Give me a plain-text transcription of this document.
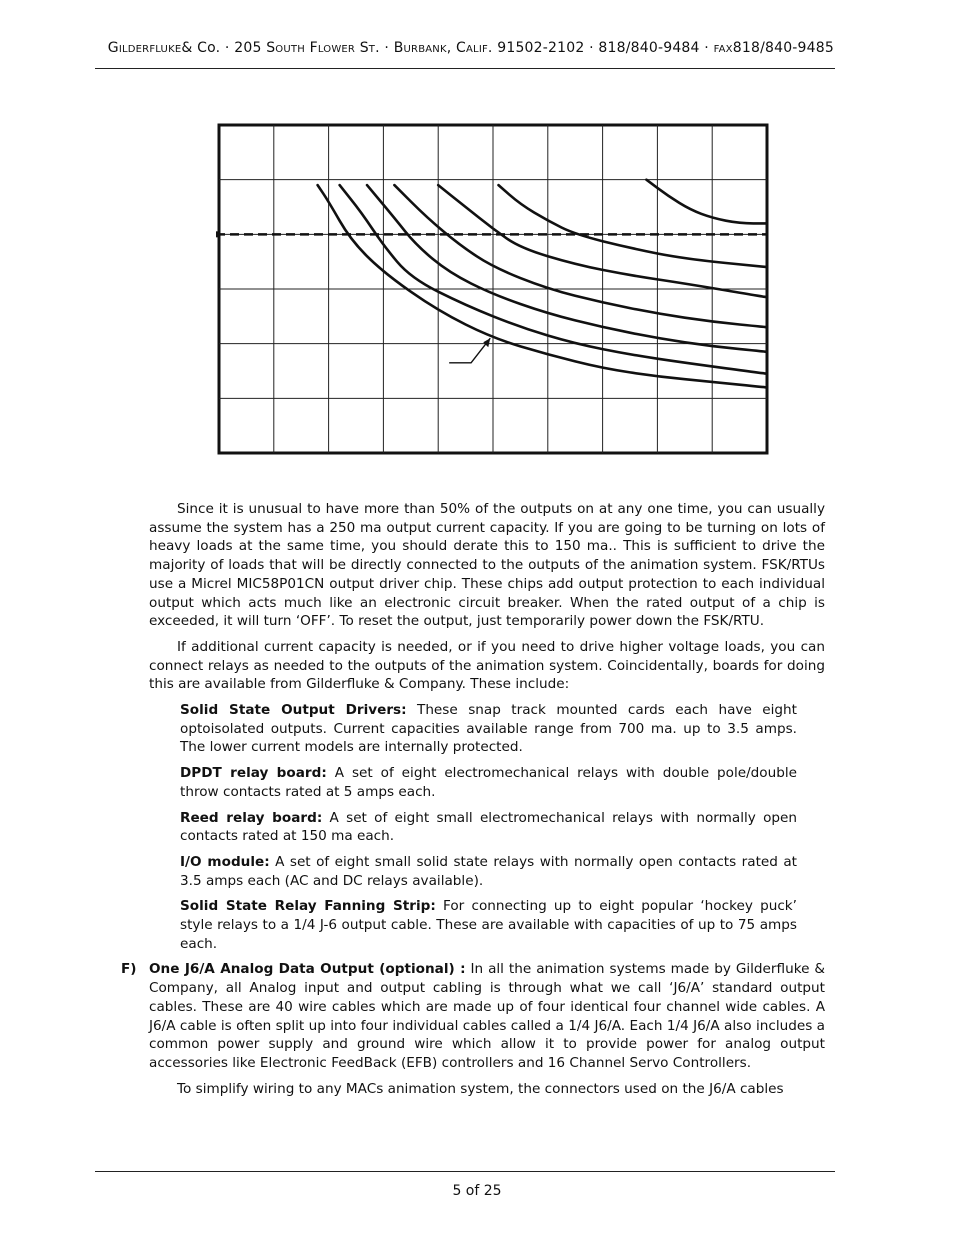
Gilderfluke& Co. · 205 South Flower St. · Burbank, Calif. 91502-2102 · 818/840-9484 · fax818/840-9485

Since it is unusual to have more than 50% of the outputs on at any one time, you can usually assume the system has a 250 ma output current capacity. If you are going to be turning on lots of heavy loads at the same time, you should derate this to 150 ma.. This is sufficient to drive the majority of loads that will be directly connected to the outputs of the animation system. FSK/RTUs use a Micrel MIC58P01CN output driver chip. These chips add output protection to each individual output which acts much like an electronic circuit breaker. When the rated output of a chip is exceeded, it will turn ‘OFF’. To reset the output, just temporarily power down the FSK/RTU.

If additional current capacity is needed, or if you need to drive higher voltage loads, you can connect relays as needed to the outputs of the animation system. Coincidentally, boards for doing this are available from Gilderfluke & Company. These include:

Solid State Output Drivers: These snap track mounted cards each have eight optoisolated outputs. Current capacities available range from 700 ma. up to 3.5 amps. The lower current models are internally protected.

DPDT relay board: A set of eight electromechanical relays with double pole/double throw contacts rated at 5 amps each.

Reed relay board: A set of eight small electromechanical relays with normally open contacts rated at 150 ma each.

I/O module: A set of eight small solid state relays with normally open contacts rated at 3.5 amps each (AC and DC relays available).

Solid State Relay Fanning Strip: For connecting up to eight popular ‘hockey puck’ style relays to a 1/4 J-6 output cable. These are available with capacities of up to 75 amps each.

F) One J6/A Analog Data Output (optional) : In all the animation systems made by Gilderfluke & Company, all Analog input and output cabling is through what we call ‘J6/A’ standard output cables. These are 40 wire cables which are made up of four identical four channel wide cables. A J6/A cable is often split up into four individual cables called a 1/4 J6/A. Each 1/4 J6/A also includes a common power supply and ground wire which allow it to provide power for analog output accessories like Electronic FeedBack (EFB) controllers and 16 Channel Servo Controllers.

To simplify wiring to any MACs animation system, the connectors used on the J6/A cables

5 of 25
